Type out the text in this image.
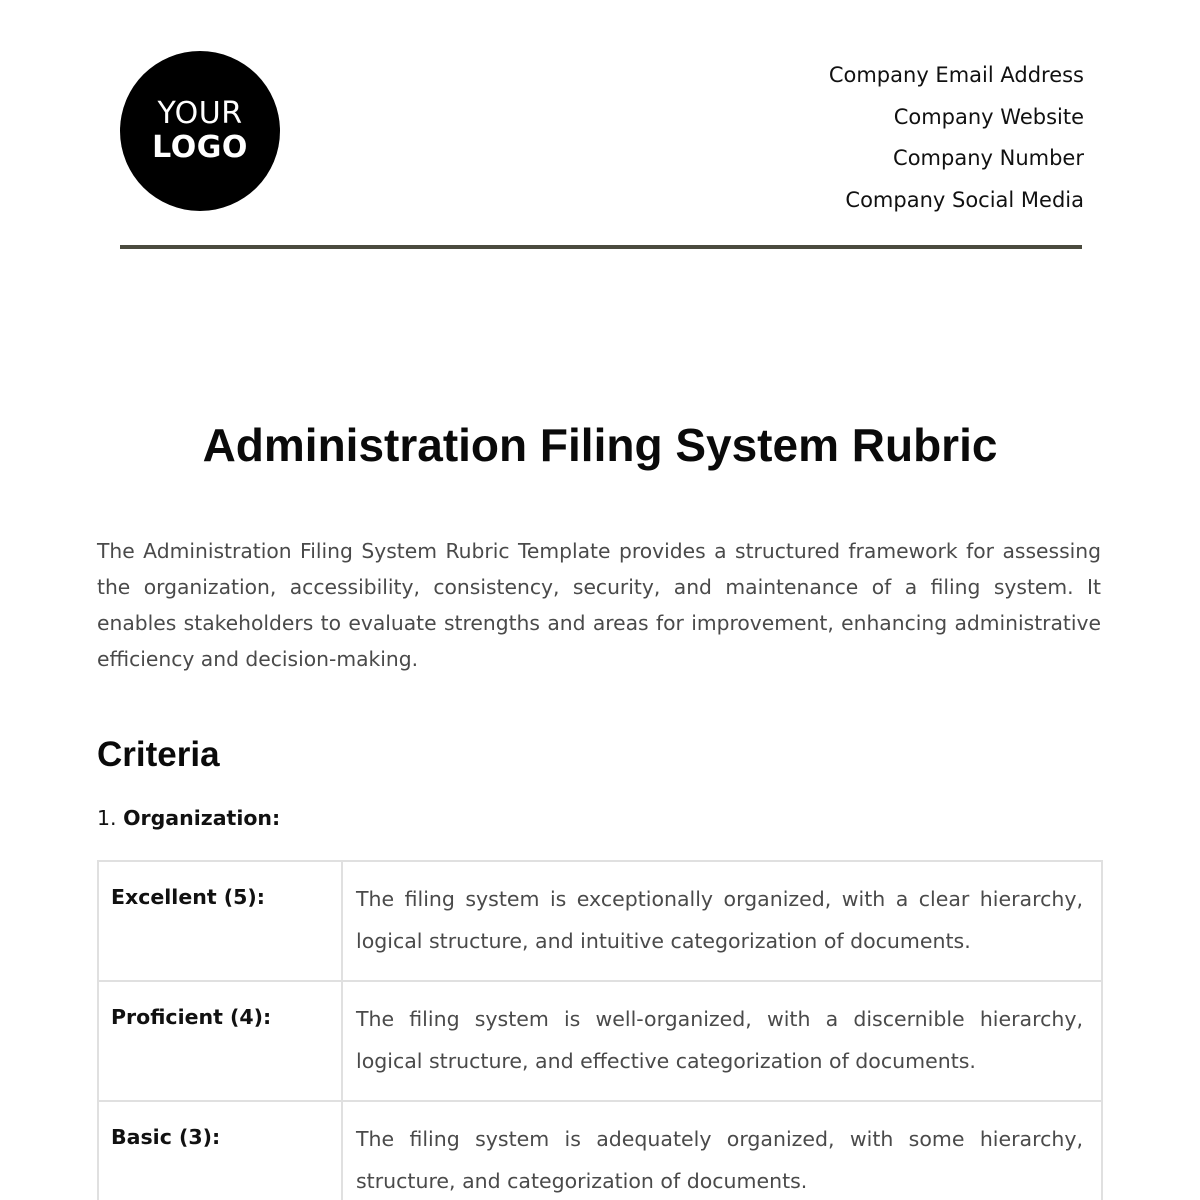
YOUR
LOGO
Company Email Address
Company Website
Company Number
Company Social Media
Administration Filing System Rubric

The Administration Filing System Rubric Template provides a structured framework for assessing the organization, accessibility, consistency, security, and maintenance of a filing system. It enables stakeholders to evaluate strengths and areas for improvement, enhancing administrative efficiency and decision-making.

Criteria

1. Organization:

Excellent (5):	The filing system is exceptionally organized, with a clear hierarchy, logical structure, and intuitive categorization of documents.
Proficient (4):	The filing system is well-organized, with a discernible hierarchy, logical structure, and effective categorization of documents.
Basic (3):	The filing system is adequately organized, with some hierarchy, structure, and categorization of documents.
